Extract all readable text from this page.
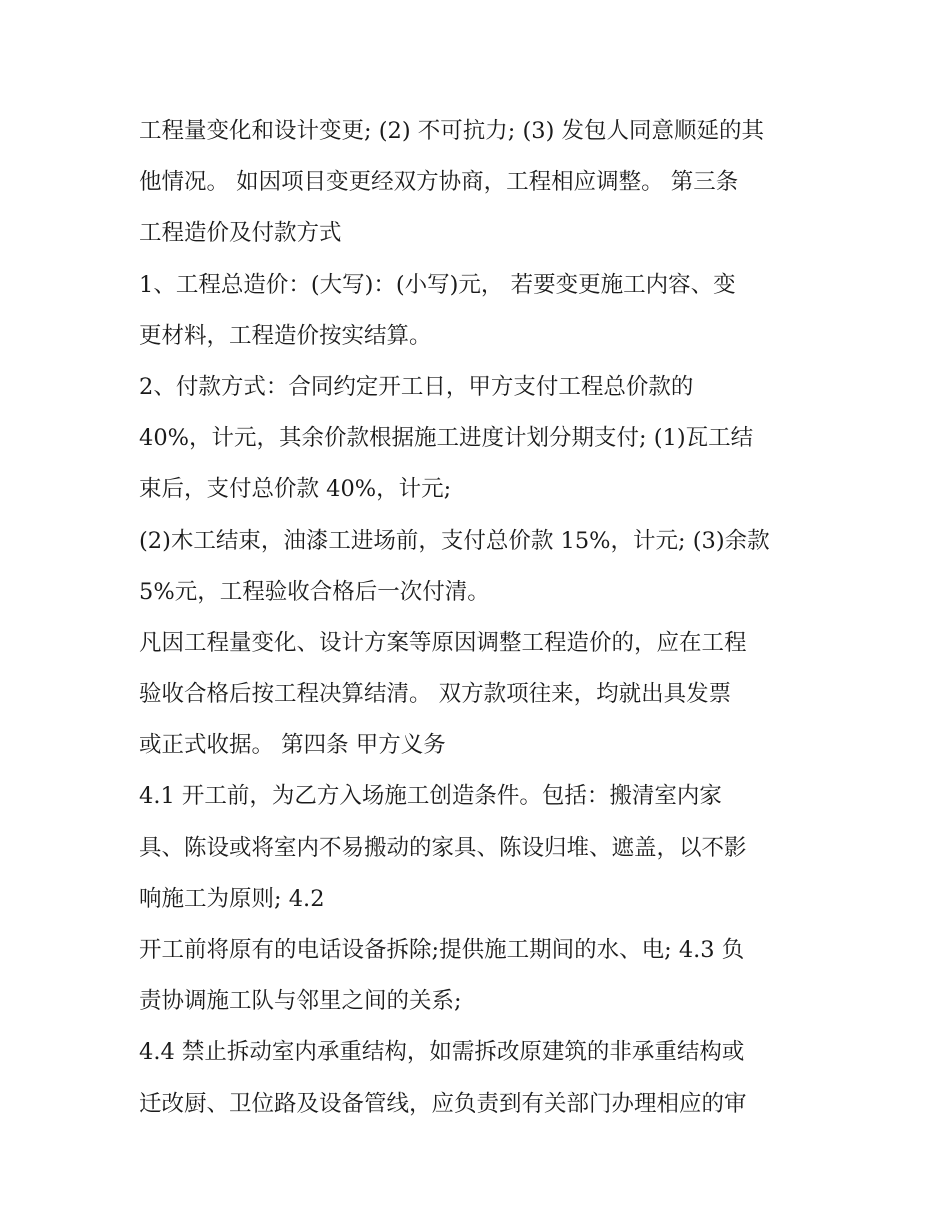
工程量变化和设计变更; (2) 不可抗力; (3) 发包人同意顺延的其
他情况。 如因项目变更经双方协商，工程相应调整。 第三条
工程造价及付款方式
1、工程总造价：(大写)：(小写)元， 若要变更施工内容、变
更材料，工程造价按实结算。
2、付款方式：合同约定开工日，甲方支付工程总价款的
40%，计元，其余价款根据施工进度计划分期支付; (1)瓦工结
束后，支付总价款 40%，计元;
(2)木工结束，油漆工进场前，支付总价款 15%，计元; (3)余款
5%元，工程验收合格后一次付清。
凡因工程量变化、设计方案等原因调整工程造价的，应在工程
验收合格后按工程决算结清。 双方款项往来，均就出具发票
或正式收据。 第四条 甲方义务
4.1 开工前，为乙方入场施工创造条件。包括：搬清室内家
具、陈设或将室内不易搬动的家具、陈设归堆、遮盖，以不影
响施工为原则; 4.2
开工前将原有的电话设备拆除;提供施工期间的水、电; 4.3 负
责协调施工队与邻里之间的关系;
4.4 禁止拆动室内承重结构，如需拆改原建筑的非承重结构或
迁改厨、卫位路及设备管线，应负责到有关部门办理相应的审
